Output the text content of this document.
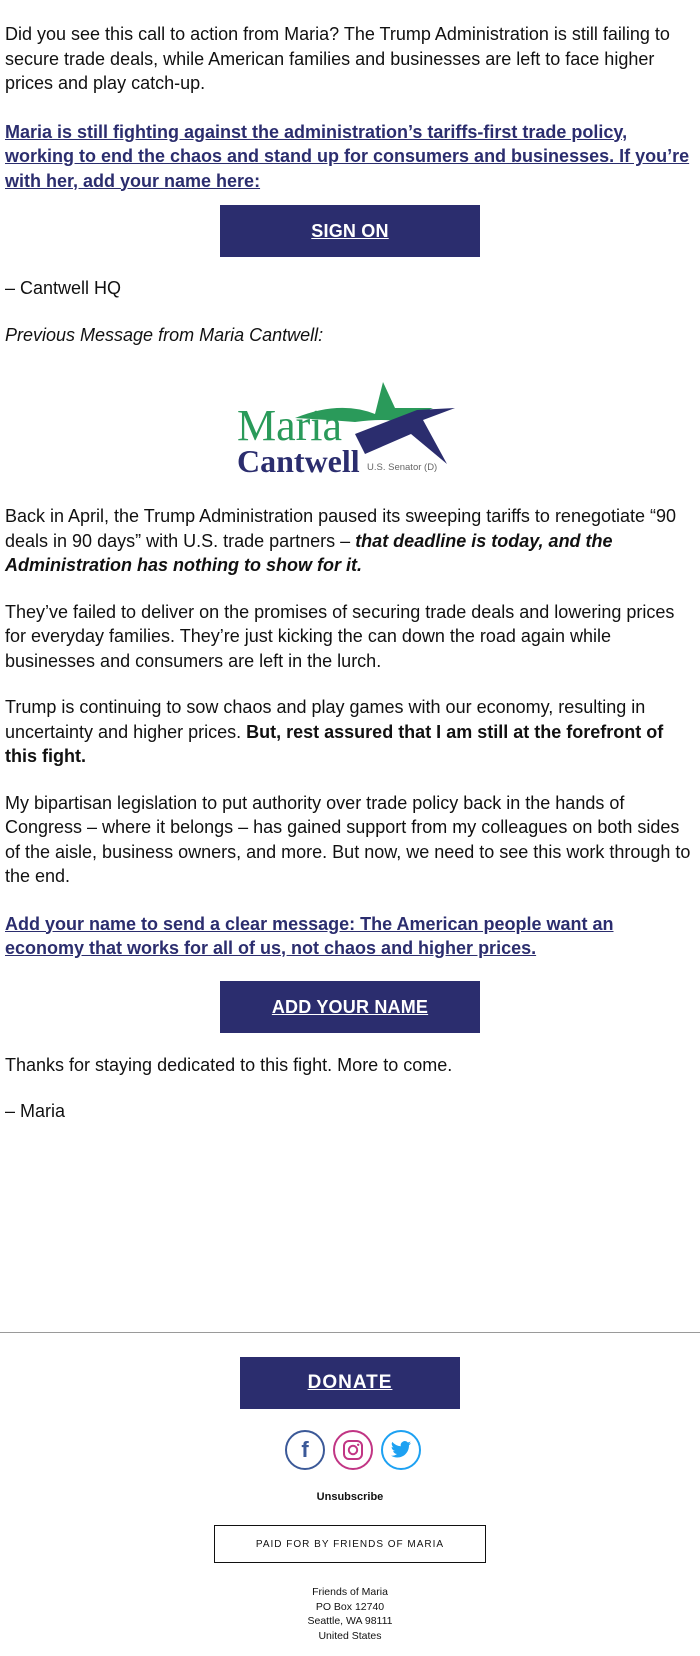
Did you see this call to action from Maria? The Trump Administration is still failing to secure trade deals, while American families and businesses are left to face higher prices and play catch-up.

Maria is still fighting against the administration’s tariffs-first trade policy, working to end the chaos and stand up for consumers and businesses. If you’re with her, add your name here:

SIGN ON

– Cantwell HQ

Previous Message from Maria Cantwell:

Maria
Cantwell U.S. Senator (D)

Back in April, the Trump Administration paused its sweeping tariffs to renegotiate “90 deals in 90 days” with U.S. trade partners – that deadline is today, and the Administration has nothing to show for it.

They’ve failed to deliver on the promises of securing trade deals and lowering prices for everyday families. They’re just kicking the can down the road again while businesses and consumers are left in the lurch.

Trump is continuing to sow chaos and play games with our economy, resulting in uncertainty and higher prices. But, rest assured that I am still at the forefront of this fight.

My bipartisan legislation to put authority over trade policy back in the hands of Congress – where it belongs – has gained support from my colleagues on both sides of the aisle, business owners, and more. But now, we need to see this work through to the end.

Add your name to send a clear message: The American people want an economy that works for all of us, not chaos and higher prices.

ADD YOUR NAME

Thanks for staying dedicated to this fight. More to come.

– Maria

DONATE
f
Unsubscribe
PAID FOR BY FRIENDS OF MARIA
Friends of Maria
PO Box 12740
Seattle, WA 98111
United States
